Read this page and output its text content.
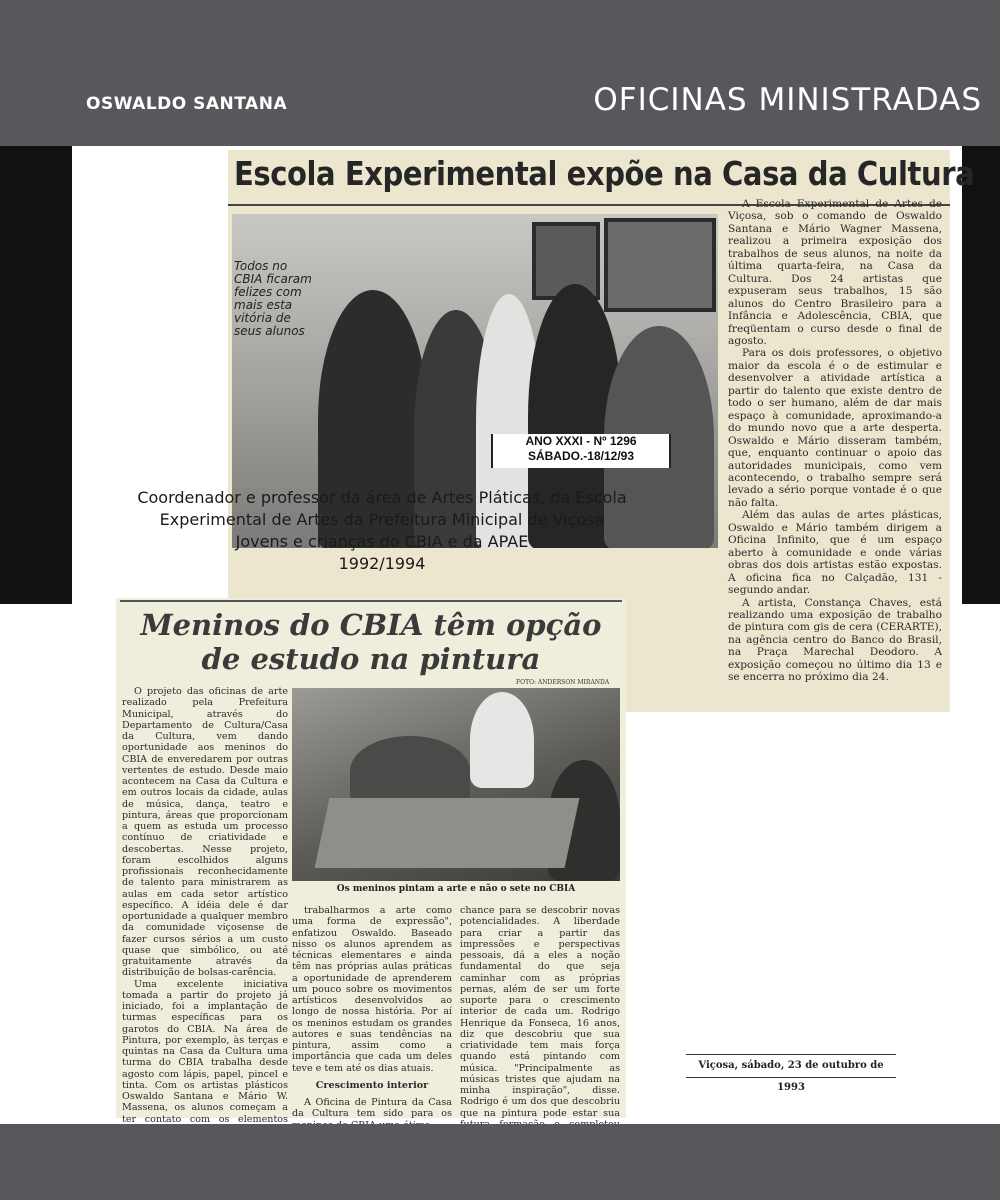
OSWALDO SANTANA	OFICINAS MINISTRADAS
Escola Experimental expõe na Casa da Cultura
Todos no CBIA ficaram felizes com mais esta vitória de seus alunos

A Escola Experimental de Artes de Viçosa, sob o comando de Oswaldo Santana e Mário Wagner Massena, realizou a primeira exposição dos trabalhos de seus alunos, na noite da última quarta-feira, na Casa da Cultura. Dos 24 artistas que expuseram seus trabalhos, 15 são alunos do Centro Brasileiro para a Infância e Adolescência, CBIA, que freqüentam o curso desde o final de agosto.

Para os dois professores, o objetivo maior da escola é o de estimular e desenvolver a atividade artística a partir do talento que existe dentro de todo o ser humano, além de dar mais espaço à comunidade, aproximando-a do mundo novo que a arte desperta. Oswaldo e Mário disseram também, que, enquanto continuar o apoio das autoridades municipais, como vem acontecendo, o trabalho sempre será levado a sério porque vontade é o que não falta.

Além das aulas de artes plásticas, Oswaldo e Mário também dirigem a Oficina Infinito, que é um espaço aberto à comunidade e onde várias obras dos dois artistas estão expostas. A oficina fica no Calçadão, 131 - segundo andar.

A artista, Constança Chaves, está realizando uma exposição de trabalho de pintura com gis de cera (CERARTE), na agência centro do Banco do Brasil, na Praça Marechal Deodoro. A exposição começou no último dia 13 e se encerra no próximo dia 24.

ANO XXXI - Nº 1296
SÁBADO.-18/12/93
Coordenador e professor da área de Artes Pláticas, da Escola
Experimental de Artes da Prefeitura Minicipal de Viçosa
Jovens e crianças do CBIA e da APAE
1992/1994
Meninos do CBIA têm opção
de estudo na pintura
FOTO: ANDERSON MIRANDA

O projeto das oficinas de arte realizado pela Prefeitura Municipal, através do Departamento de Cultura/Casa da Cultura, vem dando oportunidade aos meninos do CBIA de enveredarem por outras vertentes de estudo. Desde maio acontecem na Casa da Cultura e em outros locais da cidade, aulas de música, dança, teatro e pintura, áreas que proporcionam a quem as estuda um processo contínuo de criatividade e descobertas. Nesse projeto, foram escolhidos alguns profissionais reconhecidamente de talento para ministrarem as aulas em cada setor artístico específico. A idéia dele é dar oportunidade a qualquer membro da comunidade viçosense de fazer cursos sérios a um custo quase que simbólico, ou até gratuitamente através da distribuição de bolsas-carência.

Uma excelente iniciativa tomada a partir do projeto já iniciado, foi a implantação de turmas específicas para os garotos do CBIA. Na área de Pintura, por exemplo, às terças e quintas na Casa da Cultura uma turma do CBIA trabalha desde agosto com lápis, papel, pincel e tinta. Com os artistas plásticos Oswaldo Santana e Mário W. Massena, os alunos começam a ter contato com os elementos

Os meninos pintam a arte e não o sete no CBIA

trabalharmos a arte como uma forma de expressão", enfatizou Oswaldo. Baseado nisso os alunos aprendem as técnicas elementares e ainda têm nas próprias aulas práticas a oportunidade de aprenderem um pouco sobre os movimentos artísticos desenvolvidos ao longo de nossa história. Por aí os meninos estudam os grandes autores e suas tendências na pintura, assim como a importância que cada um deles teve e tem até os dias atuais.

Crescimento interior

A Oficina de Pintura da Casa da Cultura tem sido para os

chance para se descobrir novas potencialidades. A liberdade para criar a partir das impressões e perspectivas pessoais, dá a eles a noção fundamental do que seja caminhar com as próprias pernas, além de ser um forte suporte para o crescimento interior de cada um. Rodrigo Henrique da Fonseca, 16 anos, diz que descobriu que sua criatividade tem mais força quando está pintando com música. "Principalmente as músicas tristes que ajudam na minha inspiração", disse. Rodrigo é um dos que descobriu que na pintura pode estar sua

Viçosa, sábado, 23 de outubro de 1993
